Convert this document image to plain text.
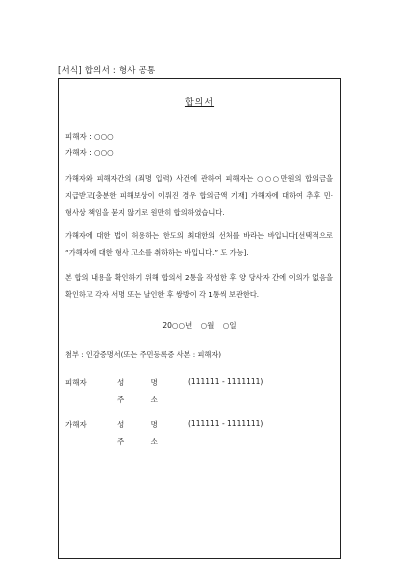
[서식] 합의서 : 형사 공통
합의서
피해자 : ○○○
가해자 : ○○○
가해자와 피해자간의 (죄명 입력) 사건에 관하여 피해자는 ○○○만원의 합의금을 지급받고[충분한 피해보상이 이뤄진 경우 합의금액 기재] 가해자에 대하여 추후 민·형사상 책임을 묻지 않기로 원만히 합의하였습니다.
가해자에 대한 법이 허용하는 한도의 최대한의 선처를 바라는 바입니다[선택적으로 “가해자에 대한 형사 고소를 취하하는 바입니다.” 도 가능].
본 합의 내용을 확인하기 위해 합의서 2통을 작성한 후 양 당사자 간에 이의가 없음을 확인하고 각자 서명 또는 날인한 후 쌍방이 각 1통씩 보관한다.
20○○년 ○월 ○일
첨부 : 인감증명서(또는 주민등록증 사본 : 피해자)
피해자	성 명 (111111 - 1111111)
주 소
가해자	성 명 (111111 - 1111111)
주 소
